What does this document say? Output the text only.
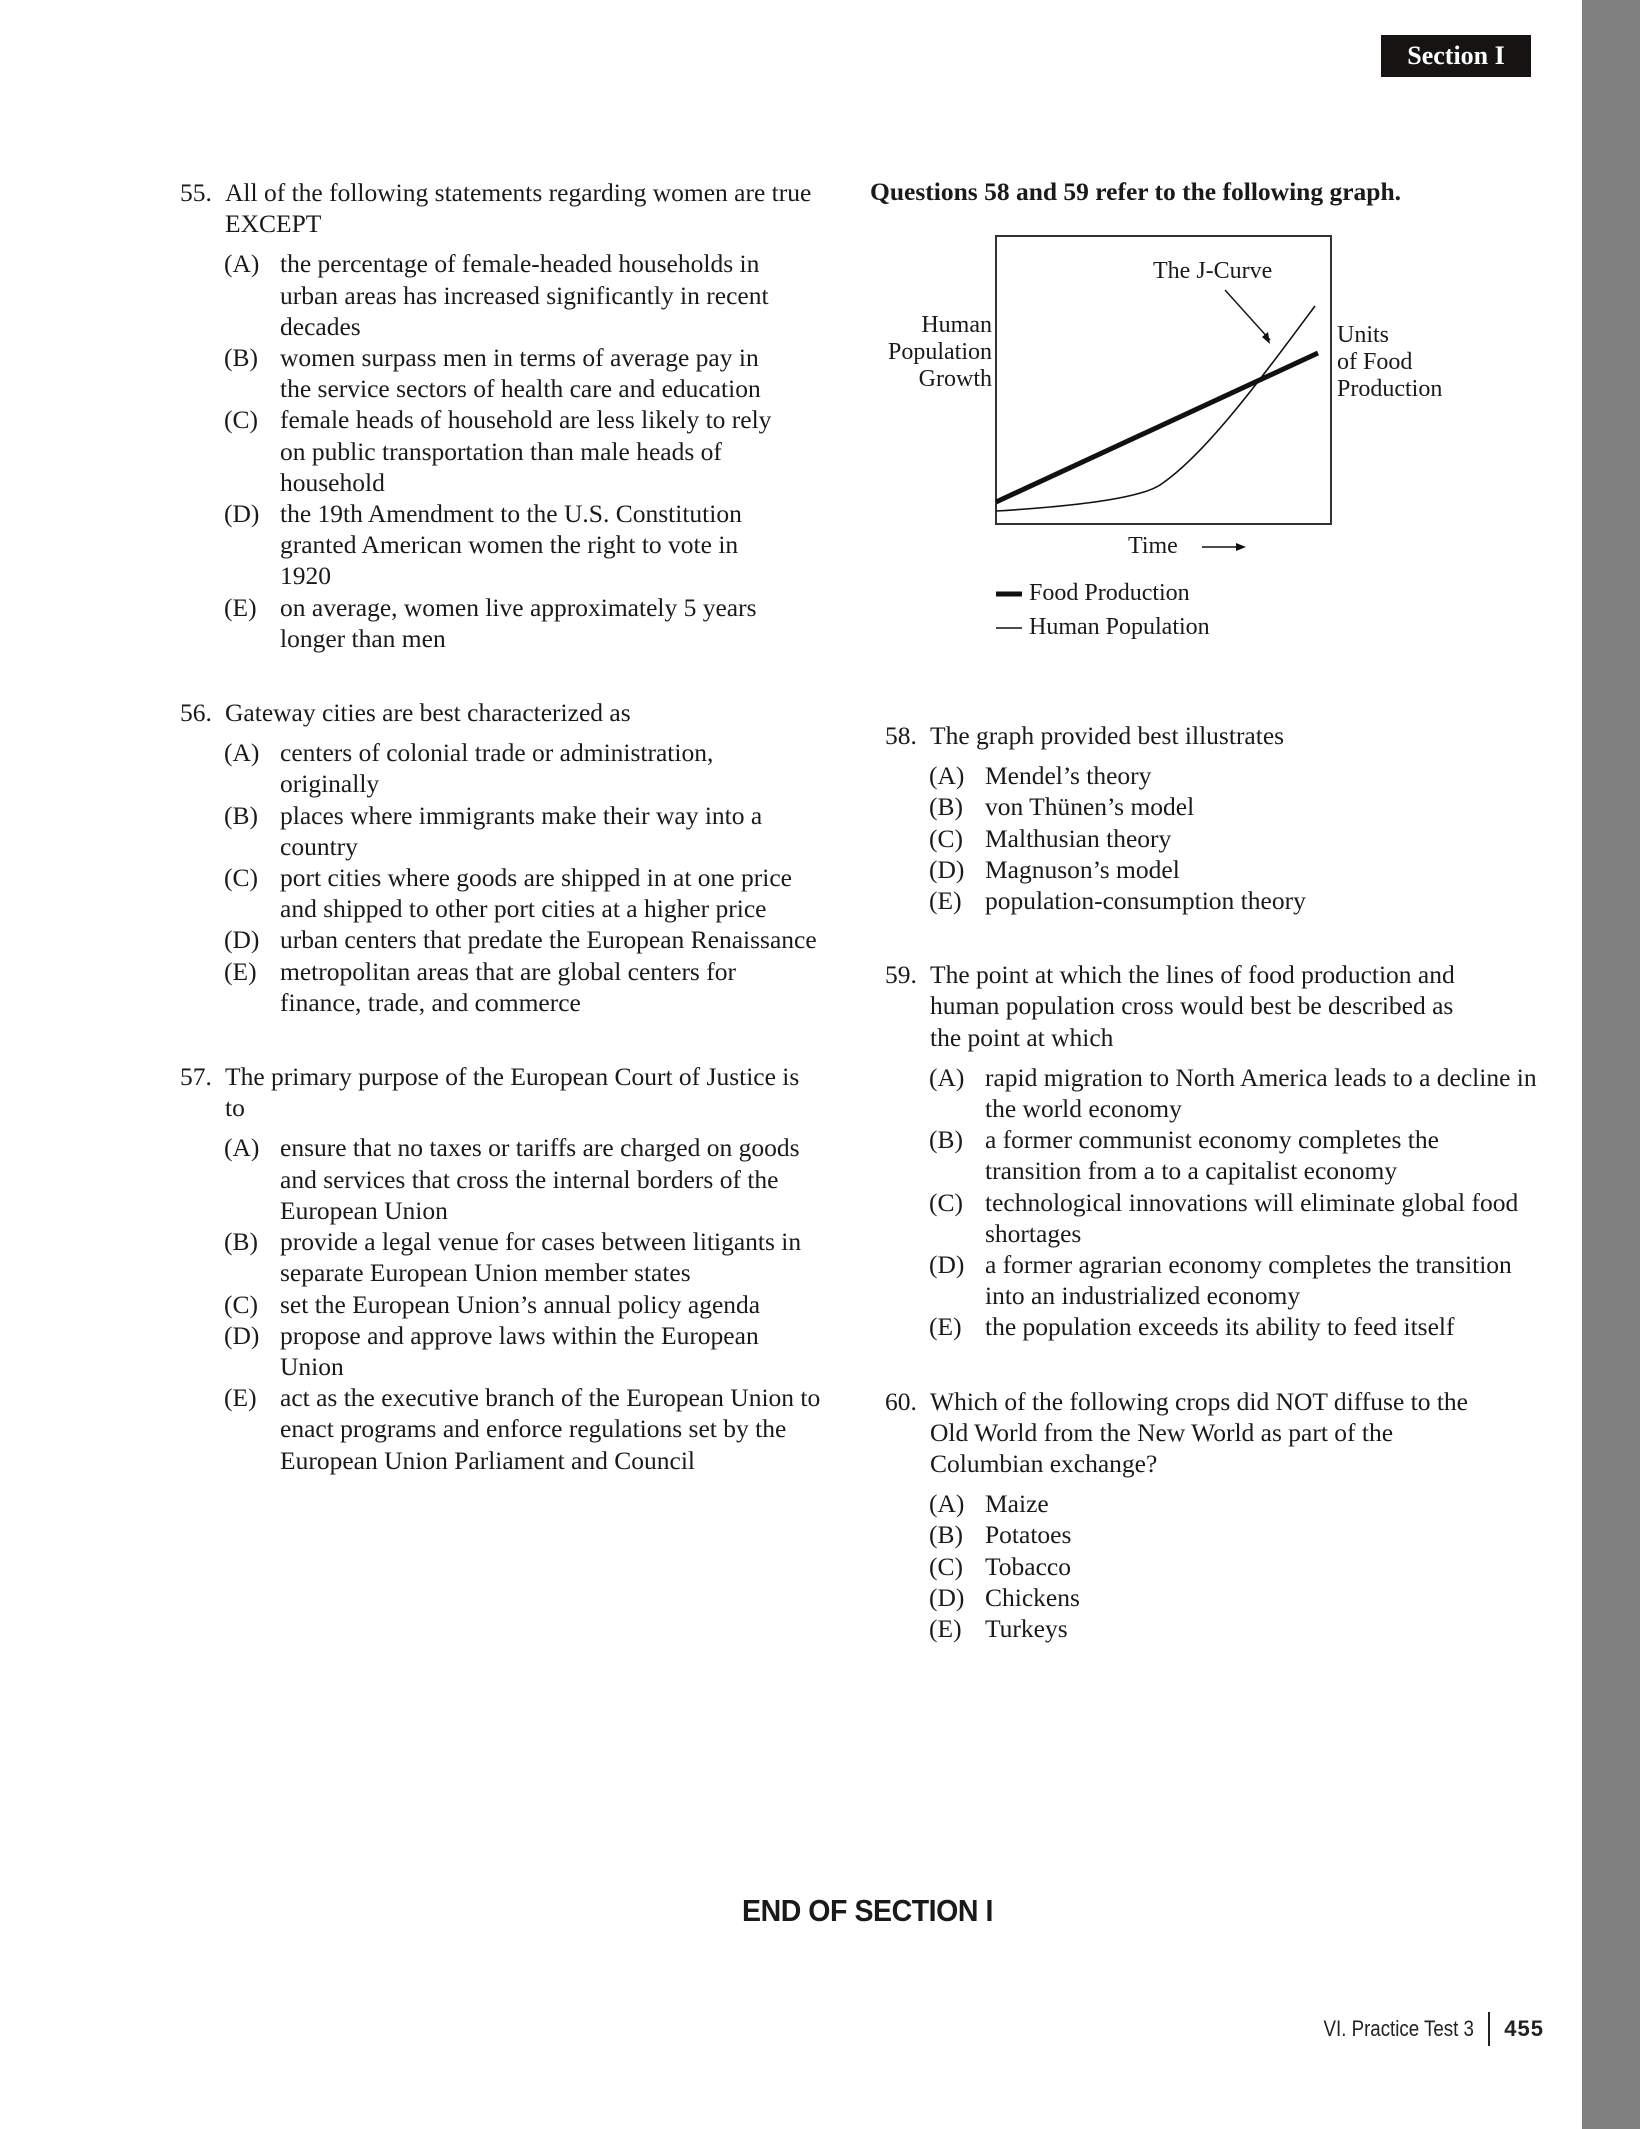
Section I
55. All of the following statements regarding women are true EXCEPT
(A) the percentage of female-headed households in urban areas has increased significantly in recent decades
(B) women surpass men in terms of average pay in the service sectors of health care and education
(C) female heads of household are less likely to rely on public transportation than male heads of household
(D) the 19th Amendment to the U.S. Constitution granted American women the right to vote in 1920
(E) on average, women live approximately 5 years longer than men
56. Gateway cities are best characterized as
(A) centers of colonial trade or administration, originally
(B) places where immigrants make their way into a country
(C) port cities where goods are shipped in at one price and shipped to other port cities at a higher price
(D) urban centers that predate the European Renaissance
(E) metropolitan areas that are global centers for finance, trade, and commerce
57. The primary purpose of the European Court of Justice is to
(A) ensure that no taxes or tariffs are charged on goods and services that cross the internal borders of the European Union
(B) provide a legal venue for cases between litigants in separate European Union member states
(C) set the European Union’s annual policy agenda
(D) propose and approve laws within the European Union
(E) act as the executive branch of the European Union to enact programs and enforce regulations set by the European Union Parliament and Council
Questions 58 and 59 refer to the following graph.
The J-Curve
Human
Population
Growth
Units
of Food
Production
Time
Food Production
Human Population
58. The graph provided best illustrates
(A) Mendel’s theory
(B) von Thünen’s model
(C) Malthusian theory
(D) Magnuson’s model
(E) population-consumption theory
59. The point at which the lines of food production and human population cross would best be described as the point at which
(A) rapid migration to North America leads to a decline in the world economy
(B) a former communist economy completes the transition from a to a capitalist economy
(C) technological innovations will eliminate global food shortages
(D) a former agrarian economy completes the transition into an industrialized economy
(E) the population exceeds its ability to feed itself
60. Which of the following crops did NOT diffuse to the Old World from the New World as part of the Columbian exchange?
(A) Maize
(B) Potatoes
(C) Tobacco
(D) Chickens
(E) Turkeys
END OF SECTION I
VI. Practice Test 3 455
